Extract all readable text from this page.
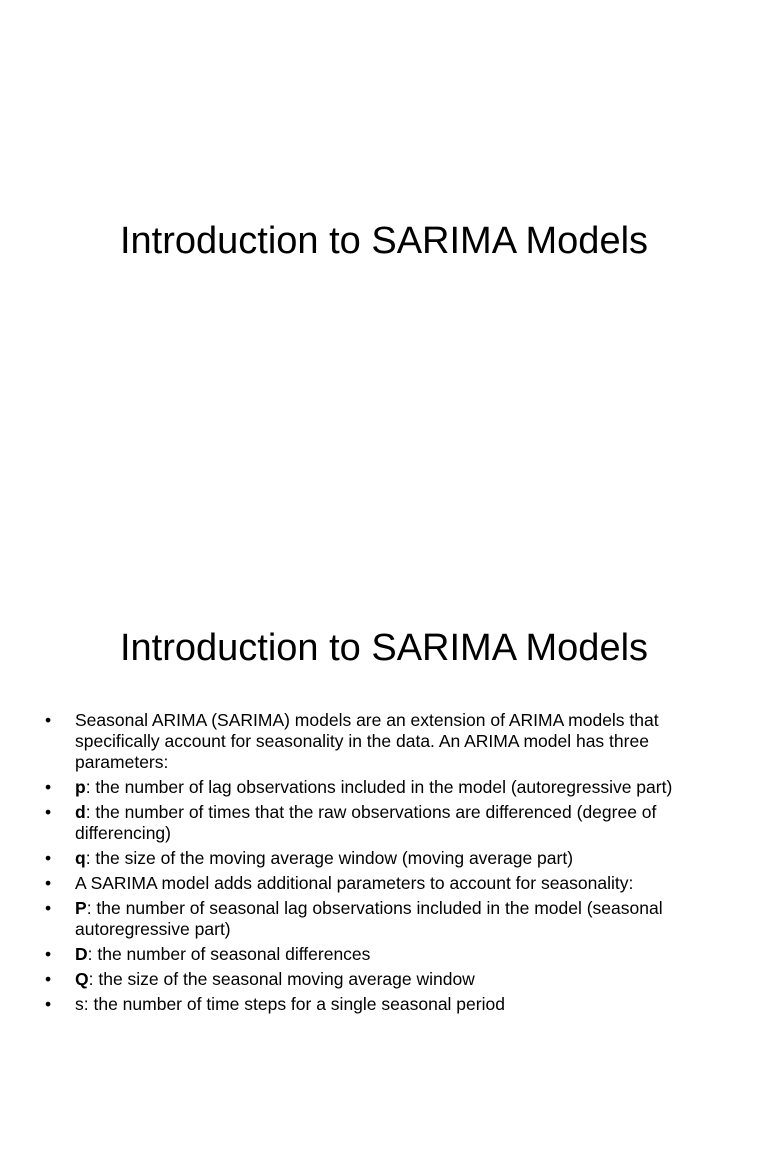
Introduction to SARIMA Models
Introduction to SARIMA Models
• Seasonal ARIMA (SARIMA) models are an extension of ARIMA models that specifically account for seasonality in the data. An ARIMA model has three parameters:
• p: the number of lag observations included in the model (autoregressive part)
• d: the number of times that the raw observations are differenced (degree of differencing)
• q: the size of the moving average window (moving average part)
• A SARIMA model adds additional parameters to account for seasonality:
• P: the number of seasonal lag observations included in the model (seasonal autoregressive part)
• D: the number of seasonal differences
• Q: the size of the seasonal moving average window
• s: the number of time steps for a single seasonal period
